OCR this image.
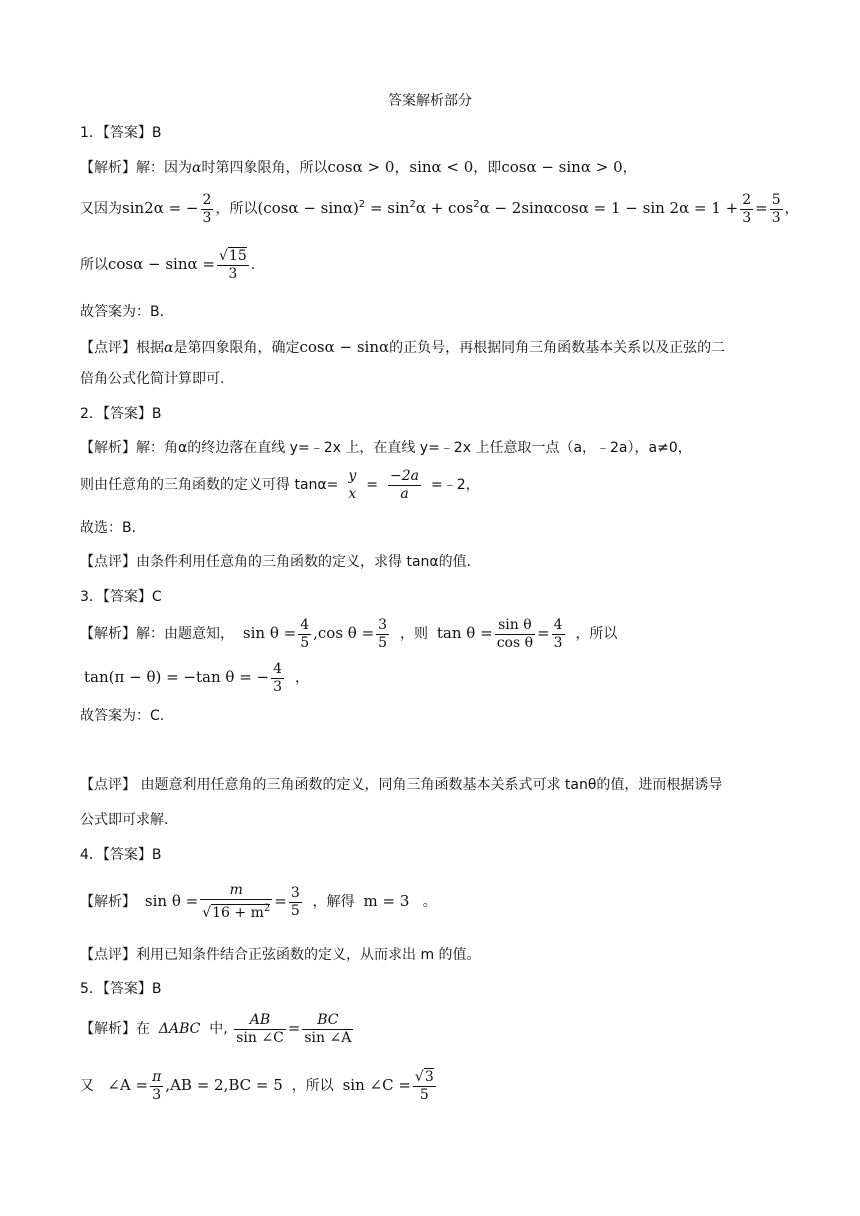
答案解析部分
1．【答案】B
【解析】解：因为α时第四象限角，所以cosα > 0，sinα < 0，即cosα − sinα > 0，
又因为sin2α = − $\frac{2}{3}$ ，所以$(\cos\alpha - \sin\alpha)^2 = \sin^2\alpha + \cos^2\alpha - 2\sin\alpha\cos\alpha = 1 - \sin 2\alpha = 1 + \frac{2}{3} = \frac{5}{3}$ ，
所以$\cos\alpha - \sin\alpha = \frac{√15}{3}$ .
故答案为：B．
【点评】根据α是第四象限角，确定cosα − sinα的正负号，再根据同角三角函数基本关系以及正弦的二
倍角公式化简计算即可.
2．【答案】B
【解析】解：角α的终边落在直线 y=﹣2x 上，在直线 y=﹣2x 上任意取一点（a，﹣2a），a≠0，
则由任意角的三角函数的定义可得 tanα=
y
x
= $\frac{-2a}{a}$ =﹣2，
故选：B．
【点评】由条件利用任意角的三角函数的定义，求得 tanα的值．
3．【答案】C
【解析】解：由题意知， $\sin \theta = \frac{4}{5} ,\cos$ $\theta = \frac{3}{5}$ ，则 $\tan \theta = \frac{\text{sin θ}}{\text{cos θ}} = \frac{4}{3}$ ，所以
tan(π − θ) = −tan θ = − $\frac{4}{3}$ ，
故答案为：C.
【点评】 由题意利用任意角的三角函数的定义，同角三角函数基本关系式可求 tanθ的值，进而根据诱导
公式即可求解.
4．【答案】B
【解析】 $\sin \theta = \frac{m}{√16 + m^2} = \frac{3}{5}$ ，解得 m = 3 。
【点评】利用已知条件结合正弦函数的定义，从而求出 m 的值。
5．【答案】B
【解析】在 ΔABC 中, $\frac{AB}{\sin \angle C} = \frac{BC}{\sin \angle A}$
又 ∠A = $\frac{\pi}{3} ,AB = 2,BC = 5$ ，所以 sin ∠C = $\frac{√3}{5}$
